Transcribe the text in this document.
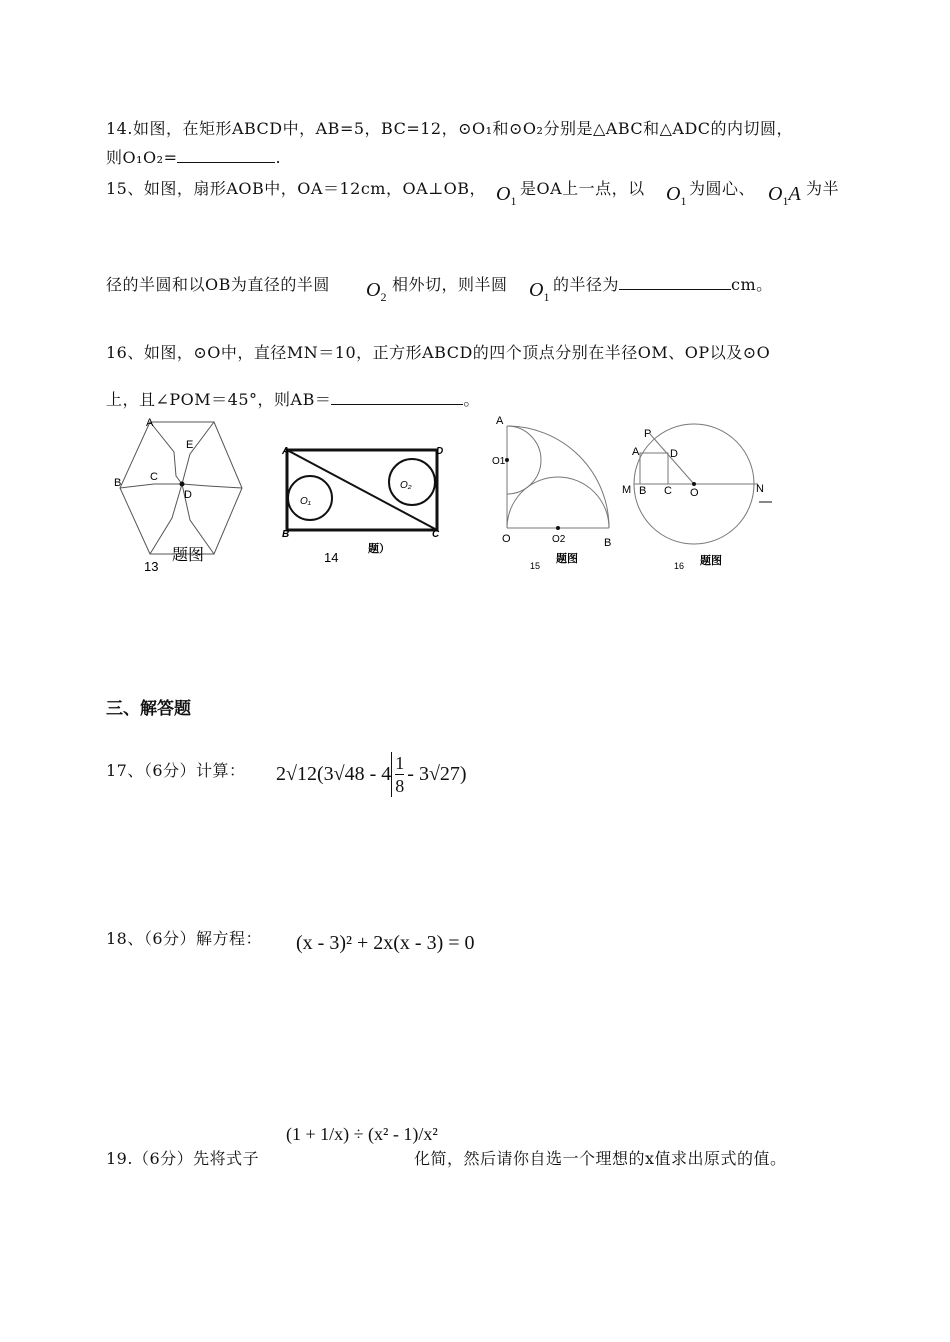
14.如图，在矩形ABCD中，AB=5，BC=12，⊙O₁和⊙O₂分别是△ABC和△ADC的内切圆，
则O₁O₂=	.
15、如图，扇形AOB中，OA＝12cm，OA⊥OB， $O_1$
是OA上一点，以 $O_1$
为圆心、 $O_1A$ 为半
径的半圆和以OB为直径的半圆 $O_2$
相外切，则半圆 $O_1$
的半径为	cm。
16、如图，⊙O中，直径MN＝10，正方形ABCD的四个顶点分别在半径OM、OP以及⊙O
上，且∠POM＝45°，则AB＝	。
A
E
C
B
D
13
题图
A	D
B	C
O₁
O₂
14
题）
A
O1
O	O2	B
15
题图
P
A	D
M B C O	N
16 题图
三、解答题
17、（6分）计算： $2√12(3√48 - 4 \frac{1}{8} - 3√27)$
18、（6分）解方程： (x - 3)² + 2x(x - 3) = 0
19.（6分）先将式子
(1 + 1/x) ÷ (x² - 1)/x²
化简，然后请你自选一个理想的x值求出原式的值。
